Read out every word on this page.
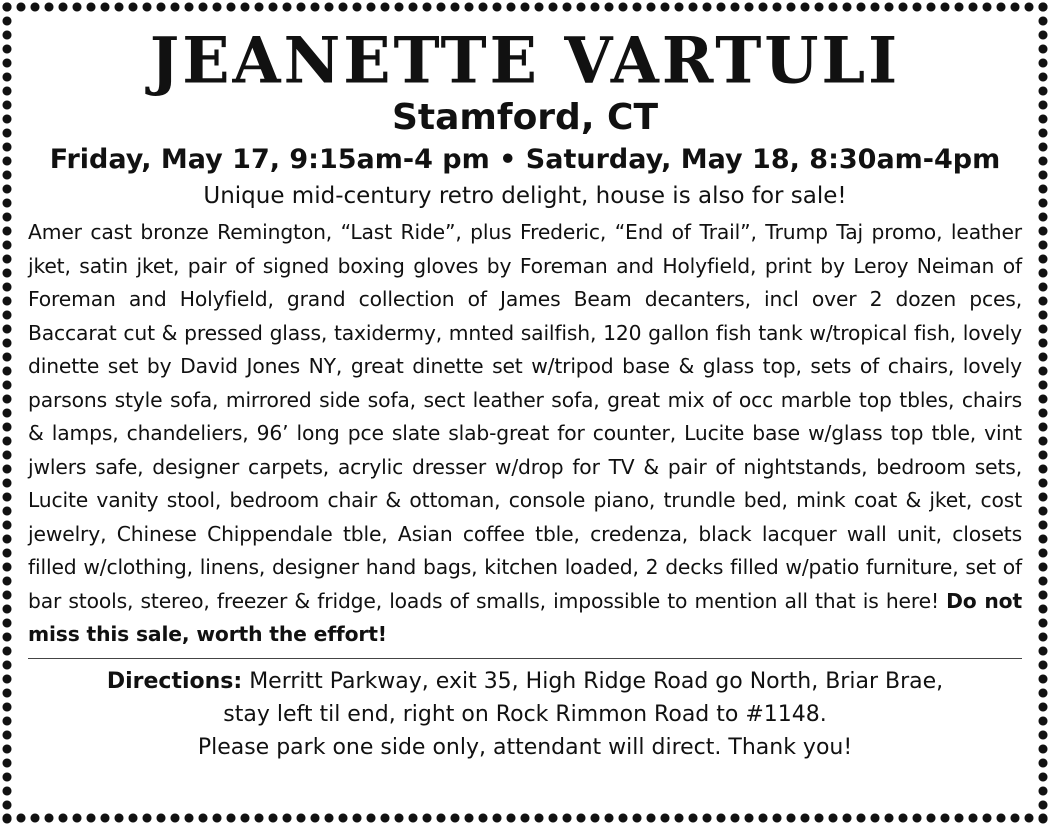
JEANETTE VARTULI
Stamford, CT
Friday, May 17, 9:15am-4 pm • Saturday, May 18, 8:30am-4pm
Unique mid-century retro delight, house is also for sale!
Amer cast bronze Remington, “Last Ride”, plus Frederic, “End of Trail”, Trump Taj promo, leather jket, satin jket, pair of signed boxing gloves by Foreman and Holyfield, print by Leroy Neiman of Foreman and Holyfield, grand collection of James Beam decanters, incl over 2 dozen pces, Baccarat cut & pressed glass, taxidermy, mnted sailfish, 120 gallon fish tank w/tropical fish, lovely dinette set by David Jones NY, great dinette set w/tripod base & glass top, sets of chairs, lovely parsons style sofa, mirrored side sofa, sect leather sofa, great mix of occ marble top tbles, chairs & lamps, chandeliers, 96’ long pce slate slab-great for counter, Lucite base w/glass top tble, vint jwlers safe, designer carpets, acrylic dresser w/drop for TV & pair of nightstands, bedroom sets, Lucite vanity stool, bedroom chair & ottoman, console piano, trundle bed, mink coat & jket, cost jewelry, Chinese Chippendale tble, Asian coffee tble, credenza, black lacquer wall unit, closets filled w/clothing, linens, designer hand bags, kitchen loaded, 2 decks filled w/patio furniture, set of bar stools, stereo, freezer & fridge, loads of smalls, impossible to mention all that is here! Do not miss this sale, worth the effort!
Directions: Merritt Parkway, exit 35, High Ridge Road go North, Briar Brae,
stay left til end, right on Rock Rimmon Road to #1148.
Please park one side only, attendant will direct. Thank you!
